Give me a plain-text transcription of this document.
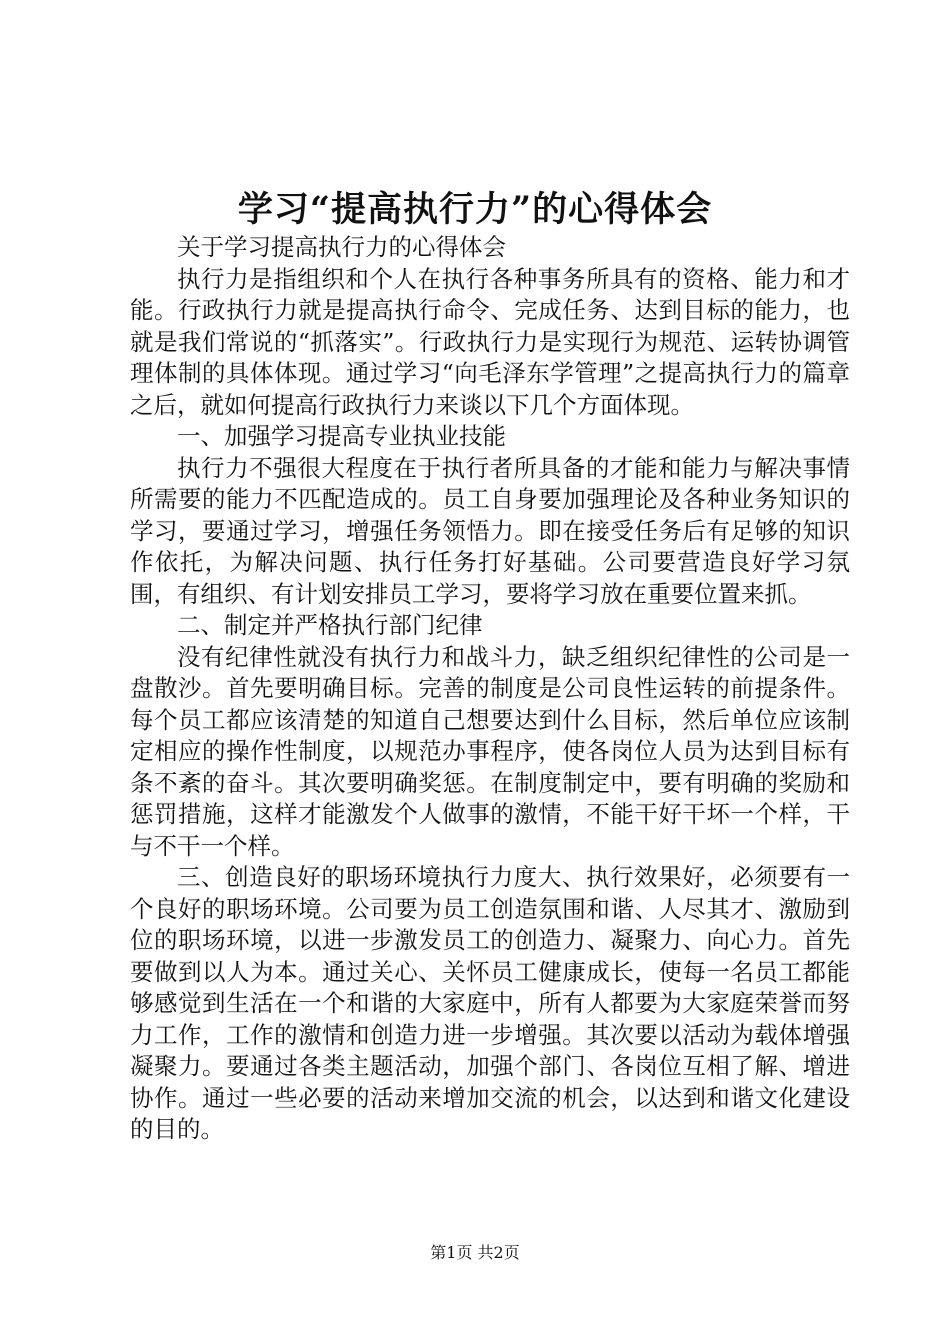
学习“提高执行力”的心得体会

关于学习提高执行力的心得体会

执行力是指组织和个人在执行各种事务所具有的资格、能力和才能。行政执行力就是提高执行命令、完成任务、达到目标的能力，也就是我们常说的“抓落实”。行政执行力是实现行为规范、运转协调管理体制的具体体现。通过学习“向毛泽东学管理”之提高执行力的篇章之后，就如何提高行政执行力来谈以下几个方面体现。

一、加强学习提高专业执业技能

执行力不强很大程度在于执行者所具备的才能和能力与解决事情所需要的能力不匹配造成的。员工自身要加强理论及各种业务知识的学习，要通过学习，增强任务领悟力。即在接受任务后有足够的知识作依托，为解决问题、执行任务打好基础。公司要营造良好学习氛围，有组织、有计划安排员工学习，要将学习放在重要位置来抓。

二、制定并严格执行部门纪律

没有纪律性就没有执行力和战斗力，缺乏组织纪律性的公司是一盘散沙。首先要明确目标。完善的制度是公司良性运转的前提条件。每个员工都应该清楚的知道自己想要达到什么目标，然后单位应该制定相应的操作性制度，以规范办事程序，使各岗位人员为达到目标有条不紊的奋斗。其次要明确奖惩。在制度制定中，要有明确的奖励和惩罚措施，这样才能激发个人做事的激情，不能干好干坏一个样，干与不干一个样。

三、创造良好的职场环境执行力度大、执行效果好，必须要有一个良好的职场环境。公司要为员工创造氛围和谐、人尽其才、激励到位的职场环境，以进一步激发员工的创造力、凝聚力、向心力。首先要做到以人为本。通过关心、关怀员工健康成长，使每一名员工都能够感觉到生活在一个和谐的大家庭中，所有人都要为大家庭荣誉而努力工作，工作的激情和创造力进一步增强。其次要以活动为载体增强凝聚力。要通过各类主题活动，加强个部门、各岗位互相了解、增进协作。通过一些必要的活动来增加交流的机会，以达到和谐文化建设的目的。

第1页 共2页
